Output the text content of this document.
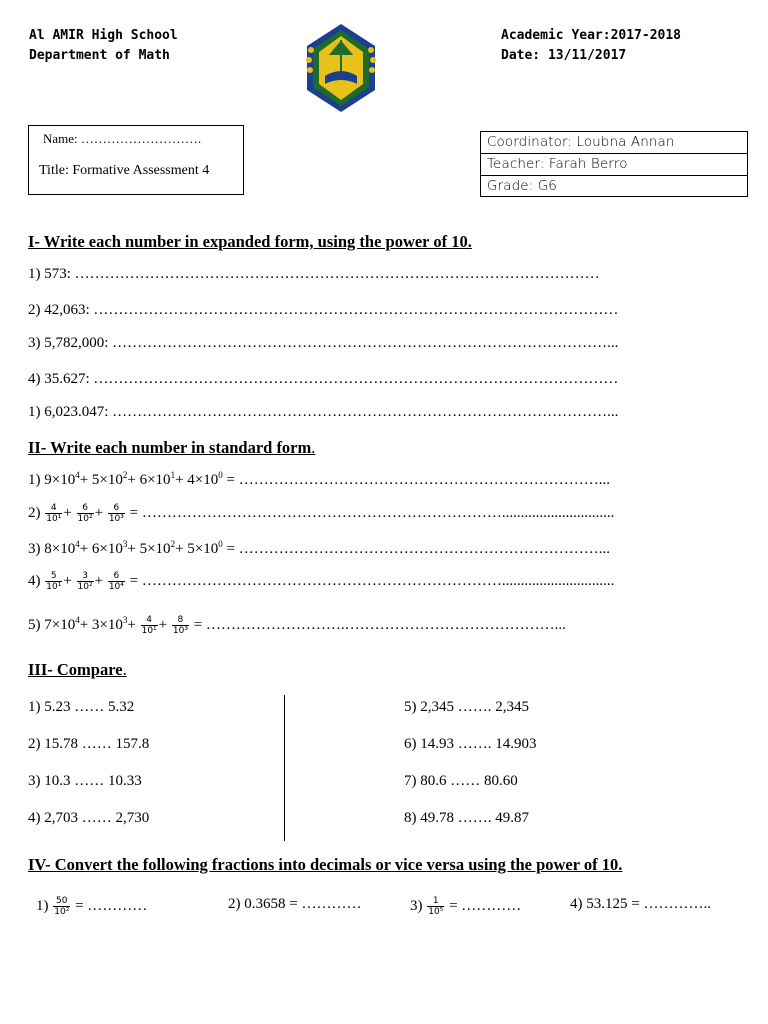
Al AMIR High School
Department of Math
Academic Year:2017-2018
Date: 13/11/2017
Name: ……………………….
Title: Formative Assessment 4
Coordinator: Loubna Annan
Teacher: Farah Berro
Grade: G6
I- Write each number in expanded form, using the power of 10.
1) 573: ……………………………………………………………………………………………
2) 42,063: ……………………………………………………………………………………………
3) 5,782,000: ………………………………………………………………………………………...
4) 35.627: ……………………………………………………………………………………………
1) 6,023.047: ………………………………………………………………………………………...
II- Write each number in standard form.
1) $9\times 10^4+ 5\times 10^2+ 6\times 10^1+ 4\times 10^0$ = ………………………………………………………………...
$2) \frac{4}{\text{10¹}} + \frac{6}{\text{10²}} + \frac{6}{\text{10³}}$ = ………………………………………………………………..............................
3) $8\times 10^4+ 6\times 10^3+ 5\times 10^2+ 5\times 10^0$ = ………………………………………………………………...
$4) \frac{5}{\text{10¹}} + \frac{3}{\text{10²}} + \frac{6}{\text{10⁴}}$ = ………………………………………………………………..............................
5) $7\times 10^4+ 3\times 10^3+ \frac{4}{\text{10¹}} + \frac{8}{\text{10³}}$ = ……………………….……………………………………...
III- Compare.
1) 5.23 …… 5.32
2) 15.78 …… 157.8
3) 10.3 …… 10.33
4) 2,703 …… 2,730
5) 2,345 ……. 2,345
6) 14.93 ……. 14.903
7) 80.6 …… 80.60
8) 49.78 ……. 49.87
IV- Convert the following fractions into decimals or vice versa using the power of 10.
$1) \frac{50}{\text{10²}}$ = …………	2) 0.3658 = …………	$3) \frac{1}{\text{10⁵}}$ = …………	4) 53.125 = …………..
